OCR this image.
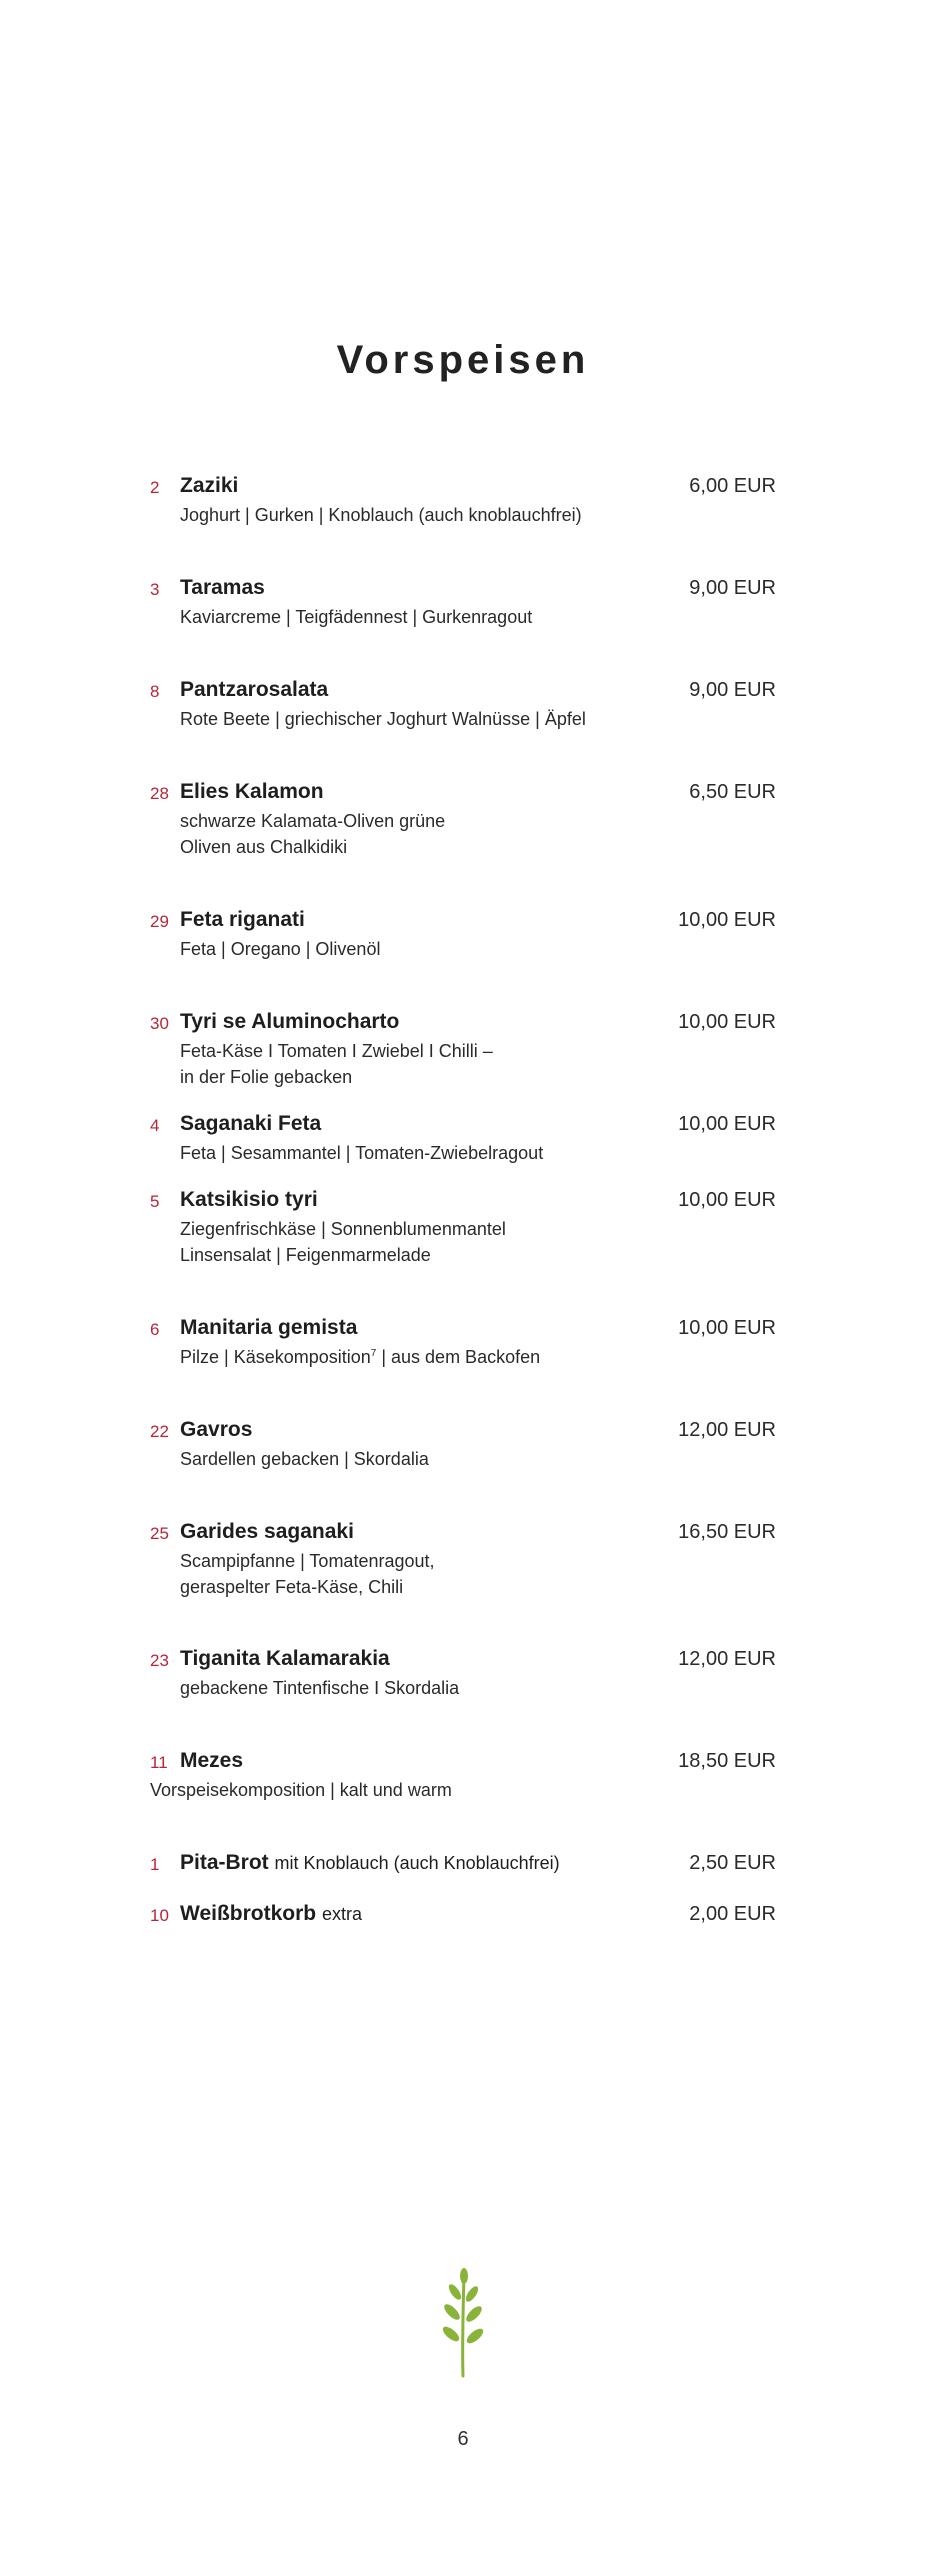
Vorspeisen
2 Zaziki	6,00 EUR
Joghurt | Gurken | Knoblauch (auch knoblauchfrei)
3 Taramas	9,00 EUR
Kaviarcreme | Teigfädennest | Gurkenragout
8 Pantzarosalata	9,00 EUR
Rote Beete | griechischer Joghurt Walnüsse | Äpfel
28 Elies Kalamon	6,50 EUR
schwarze Kalamata-Oliven grüne
Oliven aus Chalkidiki
29 Feta riganati	10,00 EUR
Feta | Oregano | Olivenöl
30 Tyri se Aluminocharto	10,00 EUR
Feta-Käse I Tomaten I Zwiebel I Chilli –
in der Folie gebacken
4 Saganaki Feta	10,00 EUR
Feta | Sesammantel | Tomaten-Zwiebelragout
5 Katsikisio tyri	10,00 EUR
Ziegenfrischkäse | Sonnenblumenmantel
Linsensalat | Feigenmarmelade
6 Manitaria gemista	10,00 EUR
Pilze | Käsekomposition$^7$ | aus dem Backofen
22 Gavros	12,00 EUR
Sardellen gebacken | Skordalia
25 Garides saganaki	16,50 EUR
Scampipfanne | Tomatenragout,
geraspelter Feta-Käse, Chili
23 Tiganita Kalamarakia	12,00 EUR
gebackene Tintenfische I Skordalia
11 Mezes	18,50 EUR
Vorspeisekomposition | kalt und warm
1 Pita-Brot mit Knoblauch (auch Knoblauchfrei)	2,50 EUR
10 Weißbrotkorb extra	2,00 EUR
6
